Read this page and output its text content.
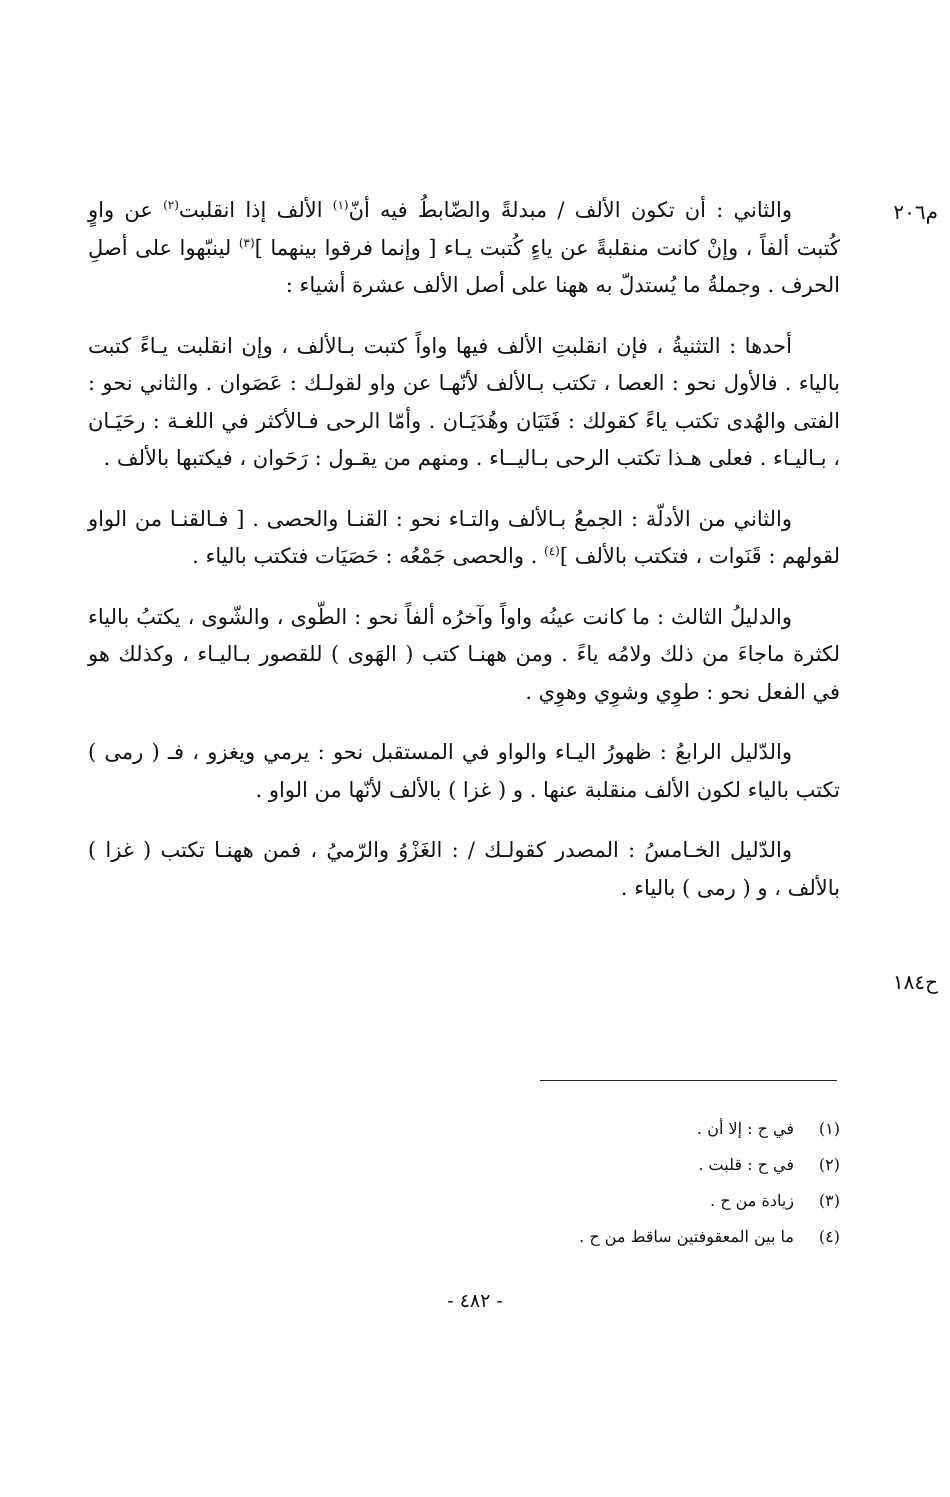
م٢٠٦
ح١٨٤

والثاني : أن تكون الألف / مبدلةً والضّابطُ فيه أنّ$^{(١)}$ الألف إذا انقلبت$^{(٢)}$ عن واوٍ كُتبت ألفاً ، وإنْ كانت منقلبةً عن ياءٍ كُتبت يـاء [ وإنما فرقوا بينهما ]$^{(٣)}$ لينبّهوا على أصلِ الحرف . وجملةُ ما يُستدلّ به ههنا على أصل الألف عشرة أشياء :

أحدها : التثنيةُ ، فإن انقلبتِ الألف فيها واواً كتبت بـالألف ، وإن انقلبت يـاءً كتبت بالياء . فالأول نحو : العصا ، تكتب بـالألف لأنّهـا عن واو لقولـك : عَصَوان . والثاني نحو : الفتى والهُدى تكتب ياءً كقولك : فَتَيَان وهُدَيَـان . وأمّا الرحى فـالأكثر في اللغـة : رحَيَـان ، بـاليـاء . فعلى هـذا تكتب الرحى بـاليــاء . ومنهم من يقـول : رَحَوان ، فيكتبها بالألف .

والثاني من الأدلّة : الجمعُ بـالألف والتـاء نحو : القنـا والحصى . [ فـالقنـا من الواو لقولهم : قَنَوات ، فتكتب بالألف ]$^{(٤)}$ . والحصى جَمْعُه : حَصَيَات فتكتب بالياء .

والدليلُ الثالث : ما كانت عينُه واواً وآخرُه ألفاً نحو : الطّوى ، والشّوى ، يكتبُ بالياء لكثرة ماجاءَ من ذلك ولامُه ياءً . ومن ههنـا كتب ( الهَوى ) للقصور بـاليـاء ، وكذلك هو في الفعل نحو : طوِي وشوِي وهوِي .

والدّليل الرابعُ : ظهورُ اليـاء والواو في المستقبل نحو : يرمي ويغزو ، فـ ( رمى ) تكتب بالياء لكون الألف منقلبة عنها . و ( غزا ) بالألف لأنّها من الواو .

والدّليل الخـامسُ : المصدر كقولـك / : الغَزْوُ والرّميُ ، فمن ههنـا تكتب ( غزا ) بالألف ، و ( رمى ) بالياء .

(١)
في ح : إلا أن .
(٢)
في ح : قلبت .
(٣)
زيادة من ح .
(٤)
ما بين المعقوفتين ساقط من ح .
- ٤٨٢ -
